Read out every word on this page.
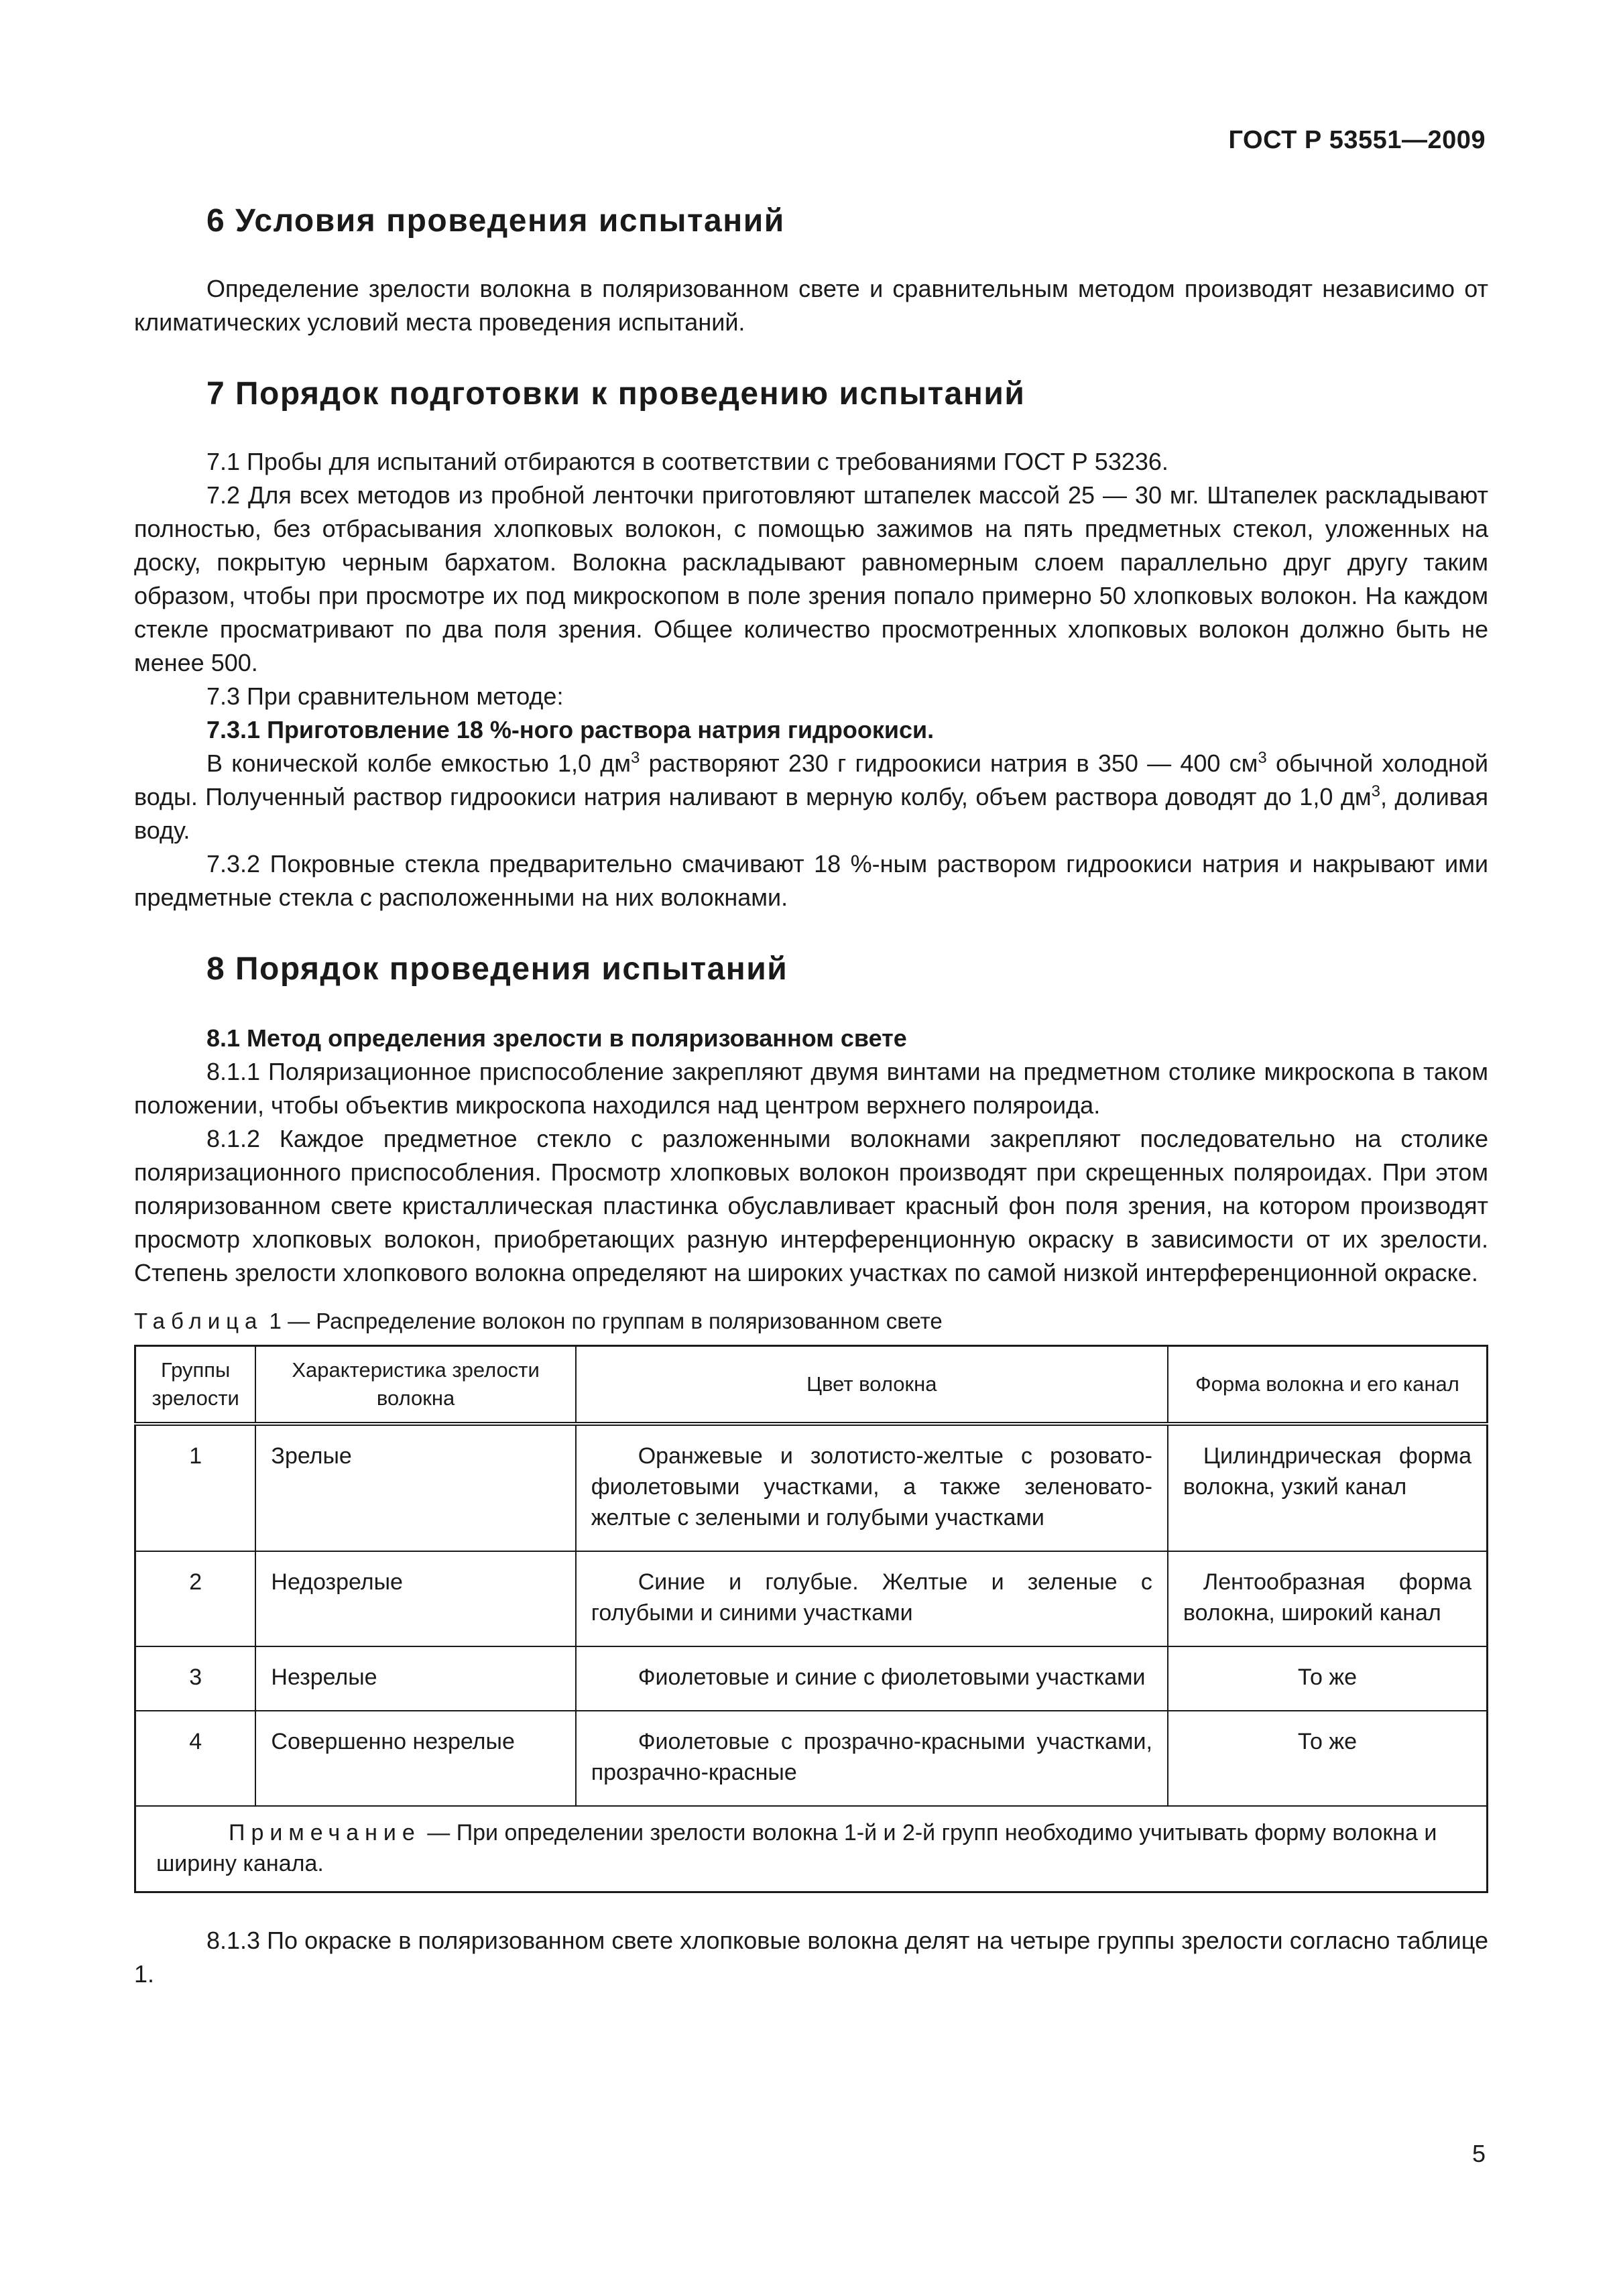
ГОСТ Р 53551—2009
6 Условия проведения испытаний

Определение зрелости волокна в поляризованном свете и сравнительным методом производят независимо от климатических условий места проведения испытаний.

7 Порядок подготовки к проведению испытаний

7.1 Пробы для испытаний отбираются в соответствии с требованиями ГОСТ Р 53236.

7.2 Для всех методов из пробной ленточки приготовляют штапелек массой 25 — 30 мг. Штапелек раскладывают полностью, без отбрасывания хлопковых волокон, с помощью зажимов на пять предметных стекол, уложенных на доску, покрытую черным бархатом. Волокна раскладывают равномерным слоем параллельно друг другу таким образом, чтобы при просмотре их под микроскопом в поле зрения попало примерно 50 хлопковых волокон. На каждом стекле просматривают по два поля зрения. Общее количество просмотренных хлопковых волокон должно быть не менее 500.

7.3 При сравнительном методе:

7.3.1 Приготовление 18 %-ного раствора натрия гидроокиси.

В конической колбе емкостью 1,0 $дм^3$ растворяют 230 г гидроокиси натрия в 350 — 400 $см^3$ обычной холодной воды. Полученный раствор гидроокиси натрия наливают в мерную колбу, объем раствора доводят до 1,0 $дм^3$, доливая воду.

7.3.2 Покровные стекла предварительно смачивают 18 %-ным раствором гидроокиси натрия и накрывают ими предметные стекла с расположенными на них волокнами.

8 Порядок проведения испытаний

8.1 Метод определения зрелости в поляризованном свете

8.1.1 Поляризационное приспособление закрепляют двумя винтами на предметном столике микроскопа в таком положении, чтобы объектив микроскопа находился над центром верхнего поляроида.

8.1.2 Каждое предметное стекло с разложенными волокнами закрепляют последовательно на столике поляризационного приспособления. Просмотр хлопковых волокон производят при скрещенных поляроидах. При этом поляризованном свете кристаллическая пластинка обуславливает красный фон поля зрения, на котором производят просмотр хлопковых волокон, приобретающих разную интерференционную окраску в зависимости от их зрелости. Степень зрелости хлопкового волокна определяют на широких участках по самой низкой интерференционной окраске.

Таблица 1 — Распределение волокон по группам в поляризованном свете
Группы зрелости	Характеристика зрелости волокна	Цвет волокна	Форма волокна и его канал
1	Зрелые	Оранжевые и золотисто-желтые с розовато-фиолетовыми участками, а также зеленовато-желтые с зелеными и голубыми участками	Цилиндрическая форма волокна, узкий канал
2	Недозрелые	Синие и голубые. Желтые и зеленые с голубыми и синими участками	Лентообразная форма волокна, широкий канал
3	Незрелые	Фиолетовые и синие с фиолетовыми участками	То же
4	Совершенно незрелые	Фиолетовые с прозрачно-красными участками, прозрачно-красные	То же
Примечание — При определении зрелости волокна 1-й и 2-й групп необходимо учитывать форму волокна и ширину канала.			

8.1.3 По окраске в поляризованном свете хлопковые волокна делят на четыре группы зрелости согласно таблице 1.

5
